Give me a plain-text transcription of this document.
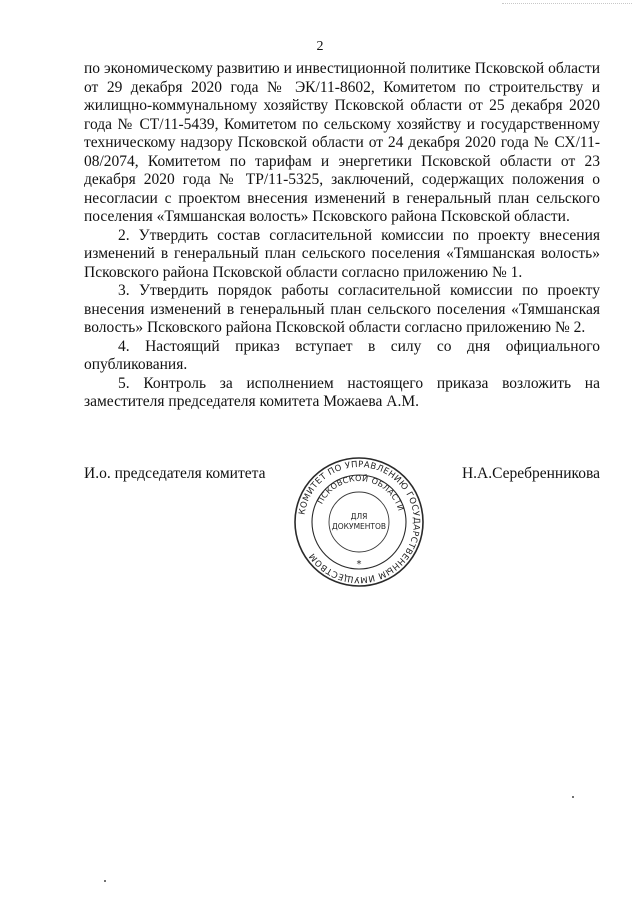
2

по экономическому развитию и инвестиционной политике Псковской области от 29 декабря 2020 года № ЭК/11-8602, Комитетом по строительству и жилищно-коммунальному хозяйству Псковской области от 25 декабря 2020 года № СТ/11-5439, Комитетом по сельскому хозяйству и государственному техническому надзору Псковской области от 24 декабря 2020 года № СХ/11-08/2074, Комитетом по тарифам и энергетики Псковской области от 23 декабря 2020 года № ТР/11-5325, заключений, содержащих положения о несогласии с проектом внесения изменений в генеральный план сельского поселения «Тямшанская волость» Псковского района Псковской области.

2. Утвердить состав согласительной комиссии по проекту внесения изменений в генеральный план сельского поселения «Тямшанская волость» Псковского района Псковской области согласно приложению № 1.

3. Утвердить порядок работы согласительной комиссии по проекту внесения изменений в генеральный план сельского поселения «Тямшанская волость» Псковского района Псковской области согласно приложению № 2.

4. Настоящий приказ вступает в силу со дня официального опубликования.

5. Контроль за исполнением настоящего приказа возложить на заместителя председателя комитета Можаева А.М.

И.о. председателя комитета	Н.А.Серебренникова
КОМИТЕТ ПО УПРАВЛЕНИЮ ГОСУДАРСТВЕННЫМ ИМУЩЕСТВОМ
ПСКОВСКОЙ ОБЛАСТИ
ДЛЯ
ДОКУМЕНТОВ
*
